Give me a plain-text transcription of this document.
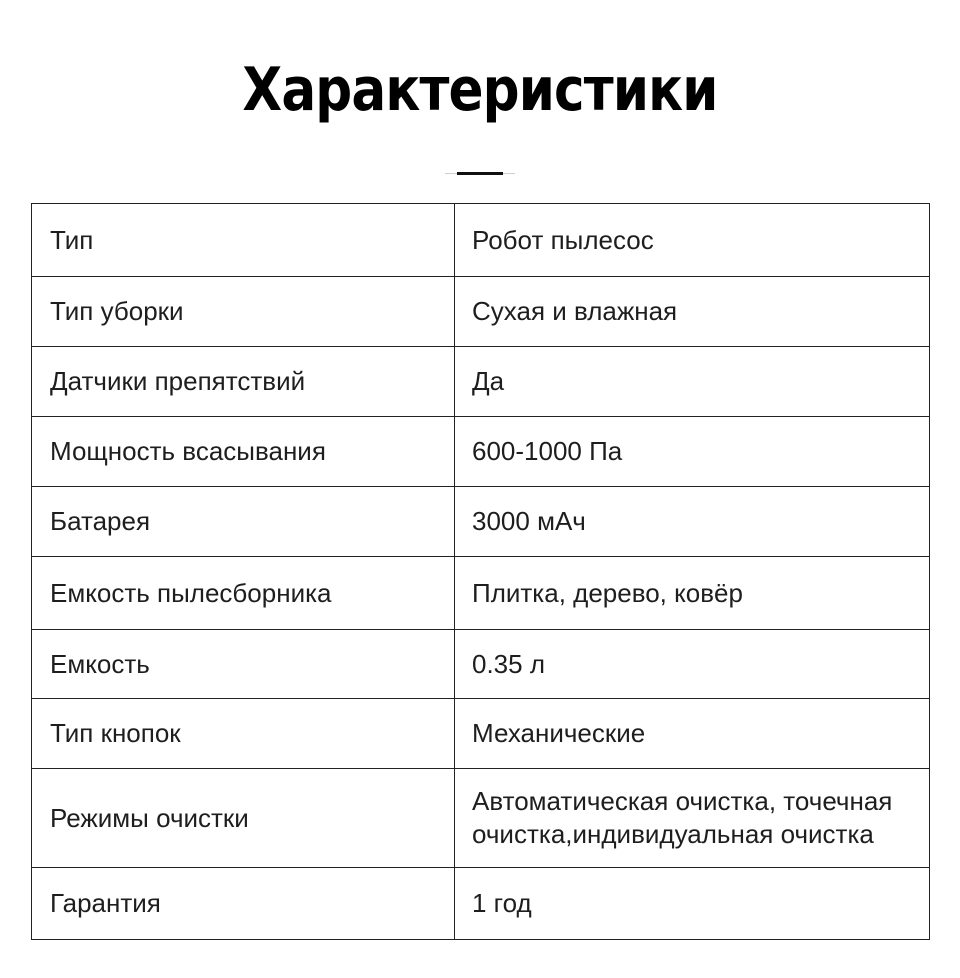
Характеристики
Тип	Робот пылесос
Тип уборки	Сухая и влажная
Датчики препятствий	Да
Мощность всасывания	600-1000 Па
Батарея	3000 мАч
Емкость пылесборника	Плитка, дерево, ковёр
Емкость	0.35 л
Тип кнопок	Механические
Режимы очистки	Автоматическая очистка, точечная очистка,индивидуальная очистка
Гарантия	1 год
